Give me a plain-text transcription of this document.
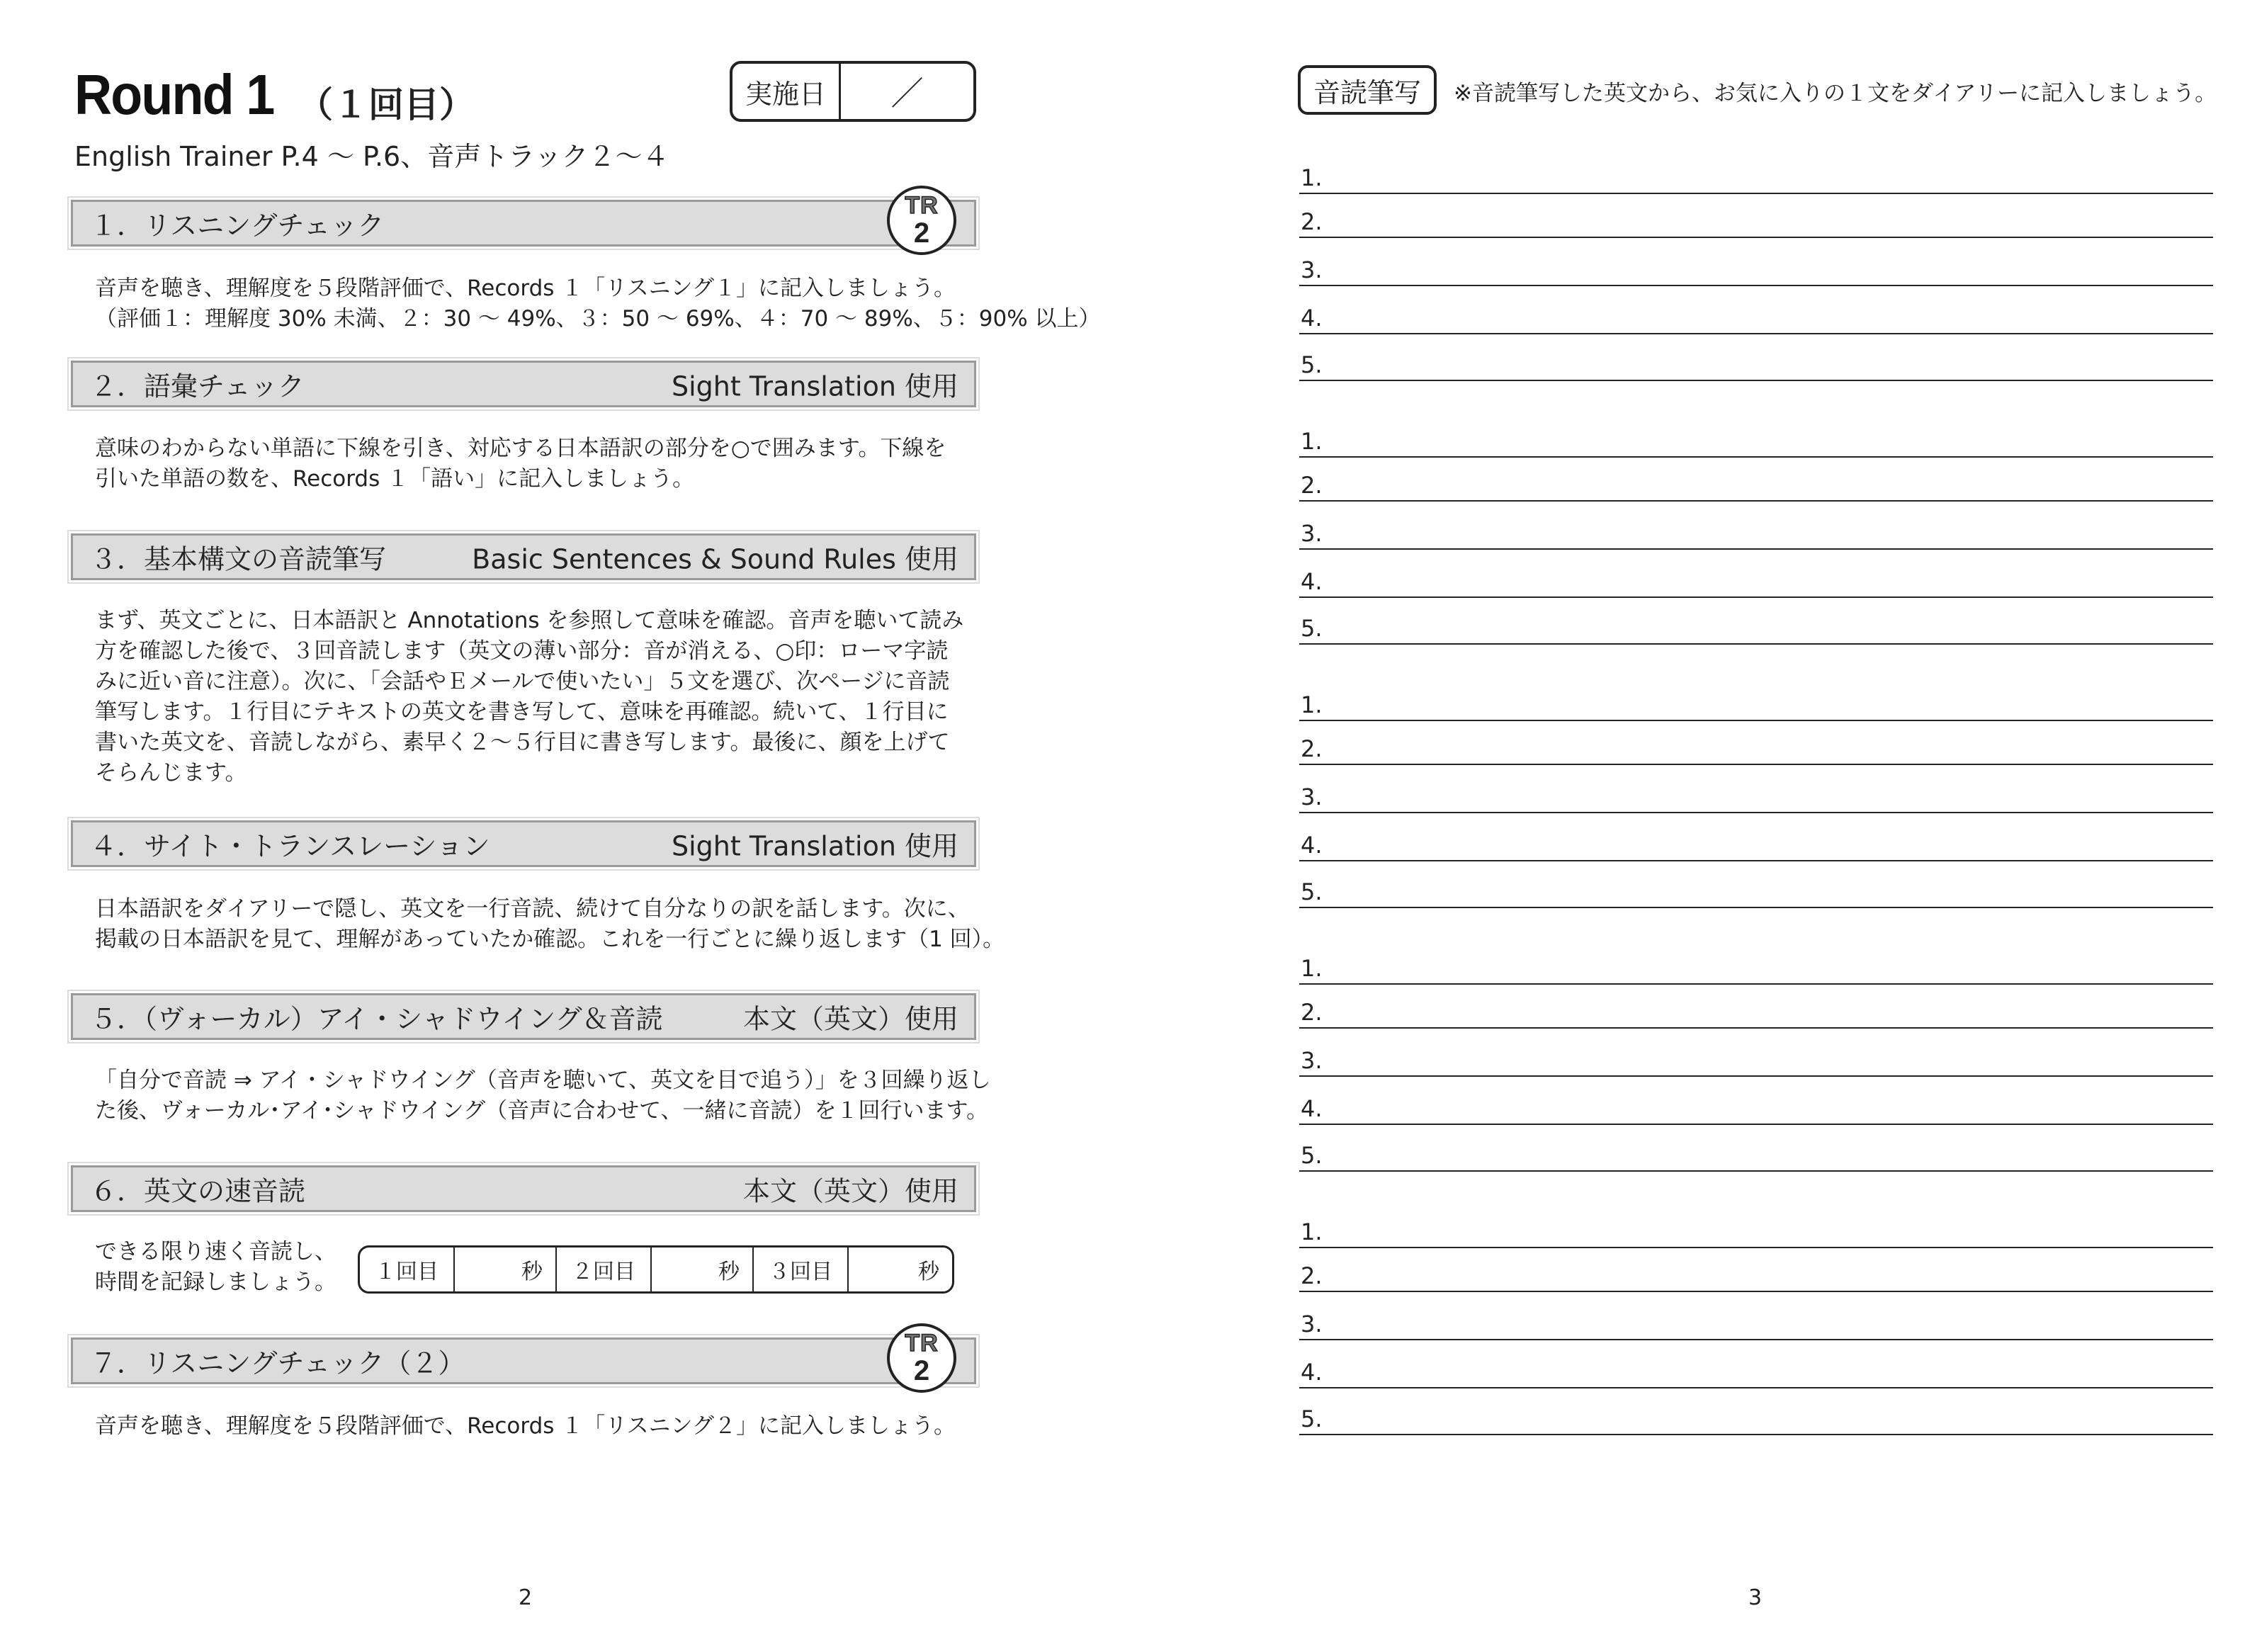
Round 1 （１回目）	実施日	／
English Trainer P.4 ～ P.6、音声トラック２～４
１．リスニングチェック
TR
2
音声を聴き、理解度を５段階評価で、Records １「リスニング１」に記入しましょう。
（評価１：理解度 30% 未満、２：30 ～ 49%、３：50 ～ 69%、４：70 ～ 89%、５：90% 以上）
２．語彙チェック	Sight Translation 使用
意味のわからない単語に下線を引き、対応する日本語訳の部分を○で囲みます。下線を
引いた単語の数を、Records １「語い」に記入しましょう。
３．基本構文の音読筆写	Basic Sentences & Sound Rules 使用
まず、英文ごとに、日本語訳と Annotations を参照して意味を確認。音声を聴いて読み
方を確認した後で、３回音読します（英文の薄い部分：音が消える、○印：ローマ字読
みに近い音に注意）。次に、「会話やＥメールで使いたい」５文を選び、次ページに音読
筆写します。１行目にテキストの英文を書き写して、意味を再確認。続いて、１行目に
書いた英文を、音読しながら、素早く２～５行目に書き写します。最後に、顔を上げて
そらんじます。
４．サイト・トランスレーション	Sight Translation 使用
日本語訳をダイアリーで隠し、英文を一行音読、続けて自分なりの訳を話します。次に、
掲載の日本語訳を見て、理解があっていたか確認。これを一行ごとに繰り返します（1 回）。
５．（ヴォーカル）アイ・シャドウイング＆音読	本文（英文）使用
「自分で音読 ⇒ アイ・シャドウイング（音声を聴いて、英文を目で追う）」を３回繰り返し
た後、ヴォーカル･アイ･シャドウイング（音声に合わせて、一緒に音読）を１回行います。
６．英文の速音読	本文（英文）使用
できる限り速く音読し、
時間を記録しましょう。	１回目	秒	２回目	秒	３回目	秒
７．リスニングチェック（２）
TR
2
音声を聴き、理解度を５段階評価で、Records １「リスニング２」に記入しましょう。
2
音読筆写	※音読筆写した英文から、お気に入りの１文をダイアリーに記入しましょう。
1.
2.
3.
4.
5.
1.
2.
3.
4.
5.
1.
2.
3.
4.
5.
1.
2.
3.
4.
5.
1.
2.
3.
4.
5.
3
